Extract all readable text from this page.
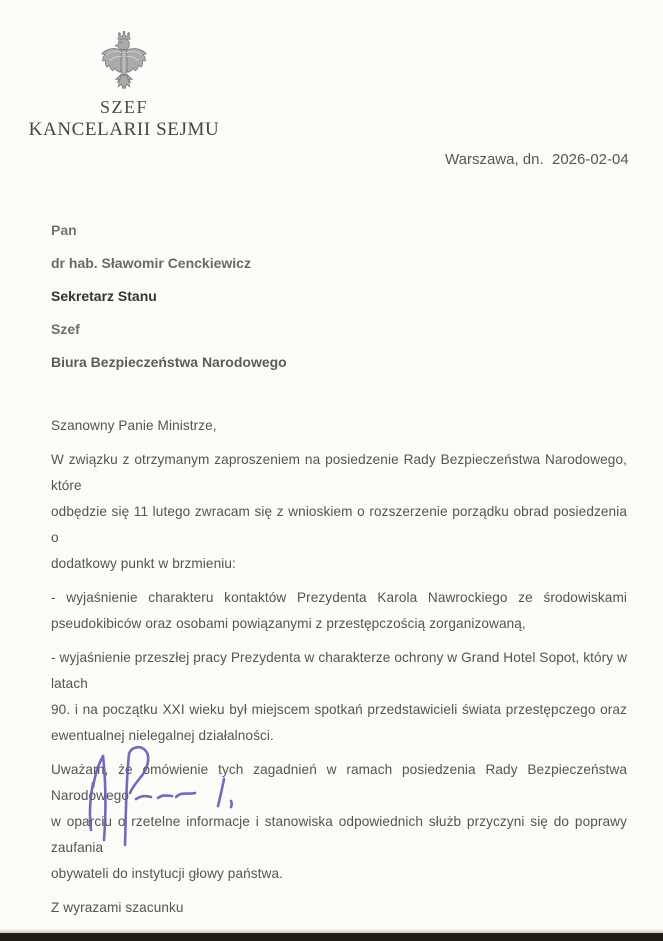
SZEF
KANCELARII SEJMU
Warszawa, dn.  2026-02-04
Pan
dr hab. Sławomir Cenckiewicz
Sekretarz Stanu
Szef
Biura Bezpieczeństwa Narodowego
Szanowny Panie Ministrze,
W związku z otrzymanym zaproszeniem na posiedzenie Rady Bezpieczeństwa Narodowego, które
odbędzie się 11 lutego zwracam się z wnioskiem o rozszerzenie porządku obrad posiedzenia o
dodatkowy punkt w brzmieniu:
- wyjaśnienie charakteru kontaktów Prezydenta Karola Nawrockiego ze środowiskami
pseudokibiców oraz osobami powiązanymi z przestępczością zorganizowaną,
- wyjaśnienie przeszłej pracy Prezydenta w charakterze ochrony w Grand Hotel Sopot, który w latach
90. i na początku XXI wieku był miejscem spotkań przedstawicieli świata przestępczego oraz
ewentualnej nielegalnej działalności.
Uważam, że omówienie tych zagadnień w ramach posiedzenia Rady Bezpieczeństwa Narodowego
w oparciu o rzetelne informacje i stanowiska odpowiednich służb przyczyni się do poprawy zaufania
obywateli do instytucji głowy państwa.
Z wyrazami szacunku
